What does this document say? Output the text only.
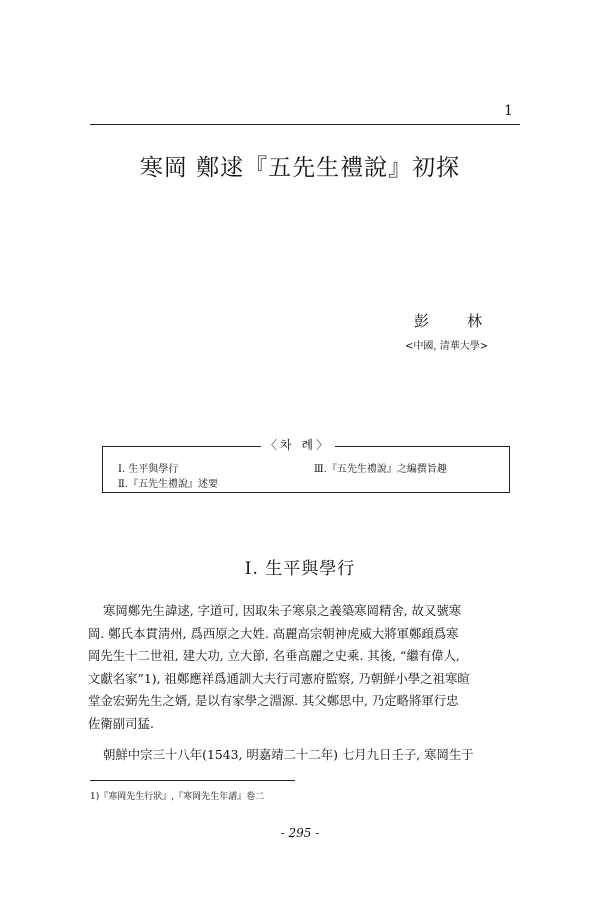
1
寒岡 鄭逑『五先生禮說』初探
彭林
<中國, 清華大學>
〈차 례〉
Ⅰ. 生平與學行
Ⅱ.『五先生禮說』述要
Ⅲ.『五先生禮說』之編撰旨趣
Ⅰ. 生平與學行
寒岡鄭先生諱逑, 字道可, 因取朱子寒泉之義築寒岡精舍, 故又號寒
岡. 鄭氏本貫淸州, 爲西原之大姓. 高麗高宗朝神虎威大將軍鄭頙爲寒
岡先生十二世祖, 建大功, 立大節, 名垂高麗之史乘. 其後, “繼有偉人,
文獻名家”1), 祖鄭應祥爲通訓大夫行司憲府監察, 乃朝鮮小學之祖寒暄
堂金宏弼先生之婿, 是以有家學之淵源. 其父鄭思中, 乃定略將軍行忠
佐衛副司猛.
朝鮮中宗三十八年(1543, 明嘉靖二十二年) 七月九日壬子, 寒岡生于
1)『寒岡先生行狀』,『寒岡先生年譜』卷二
- 295 -
